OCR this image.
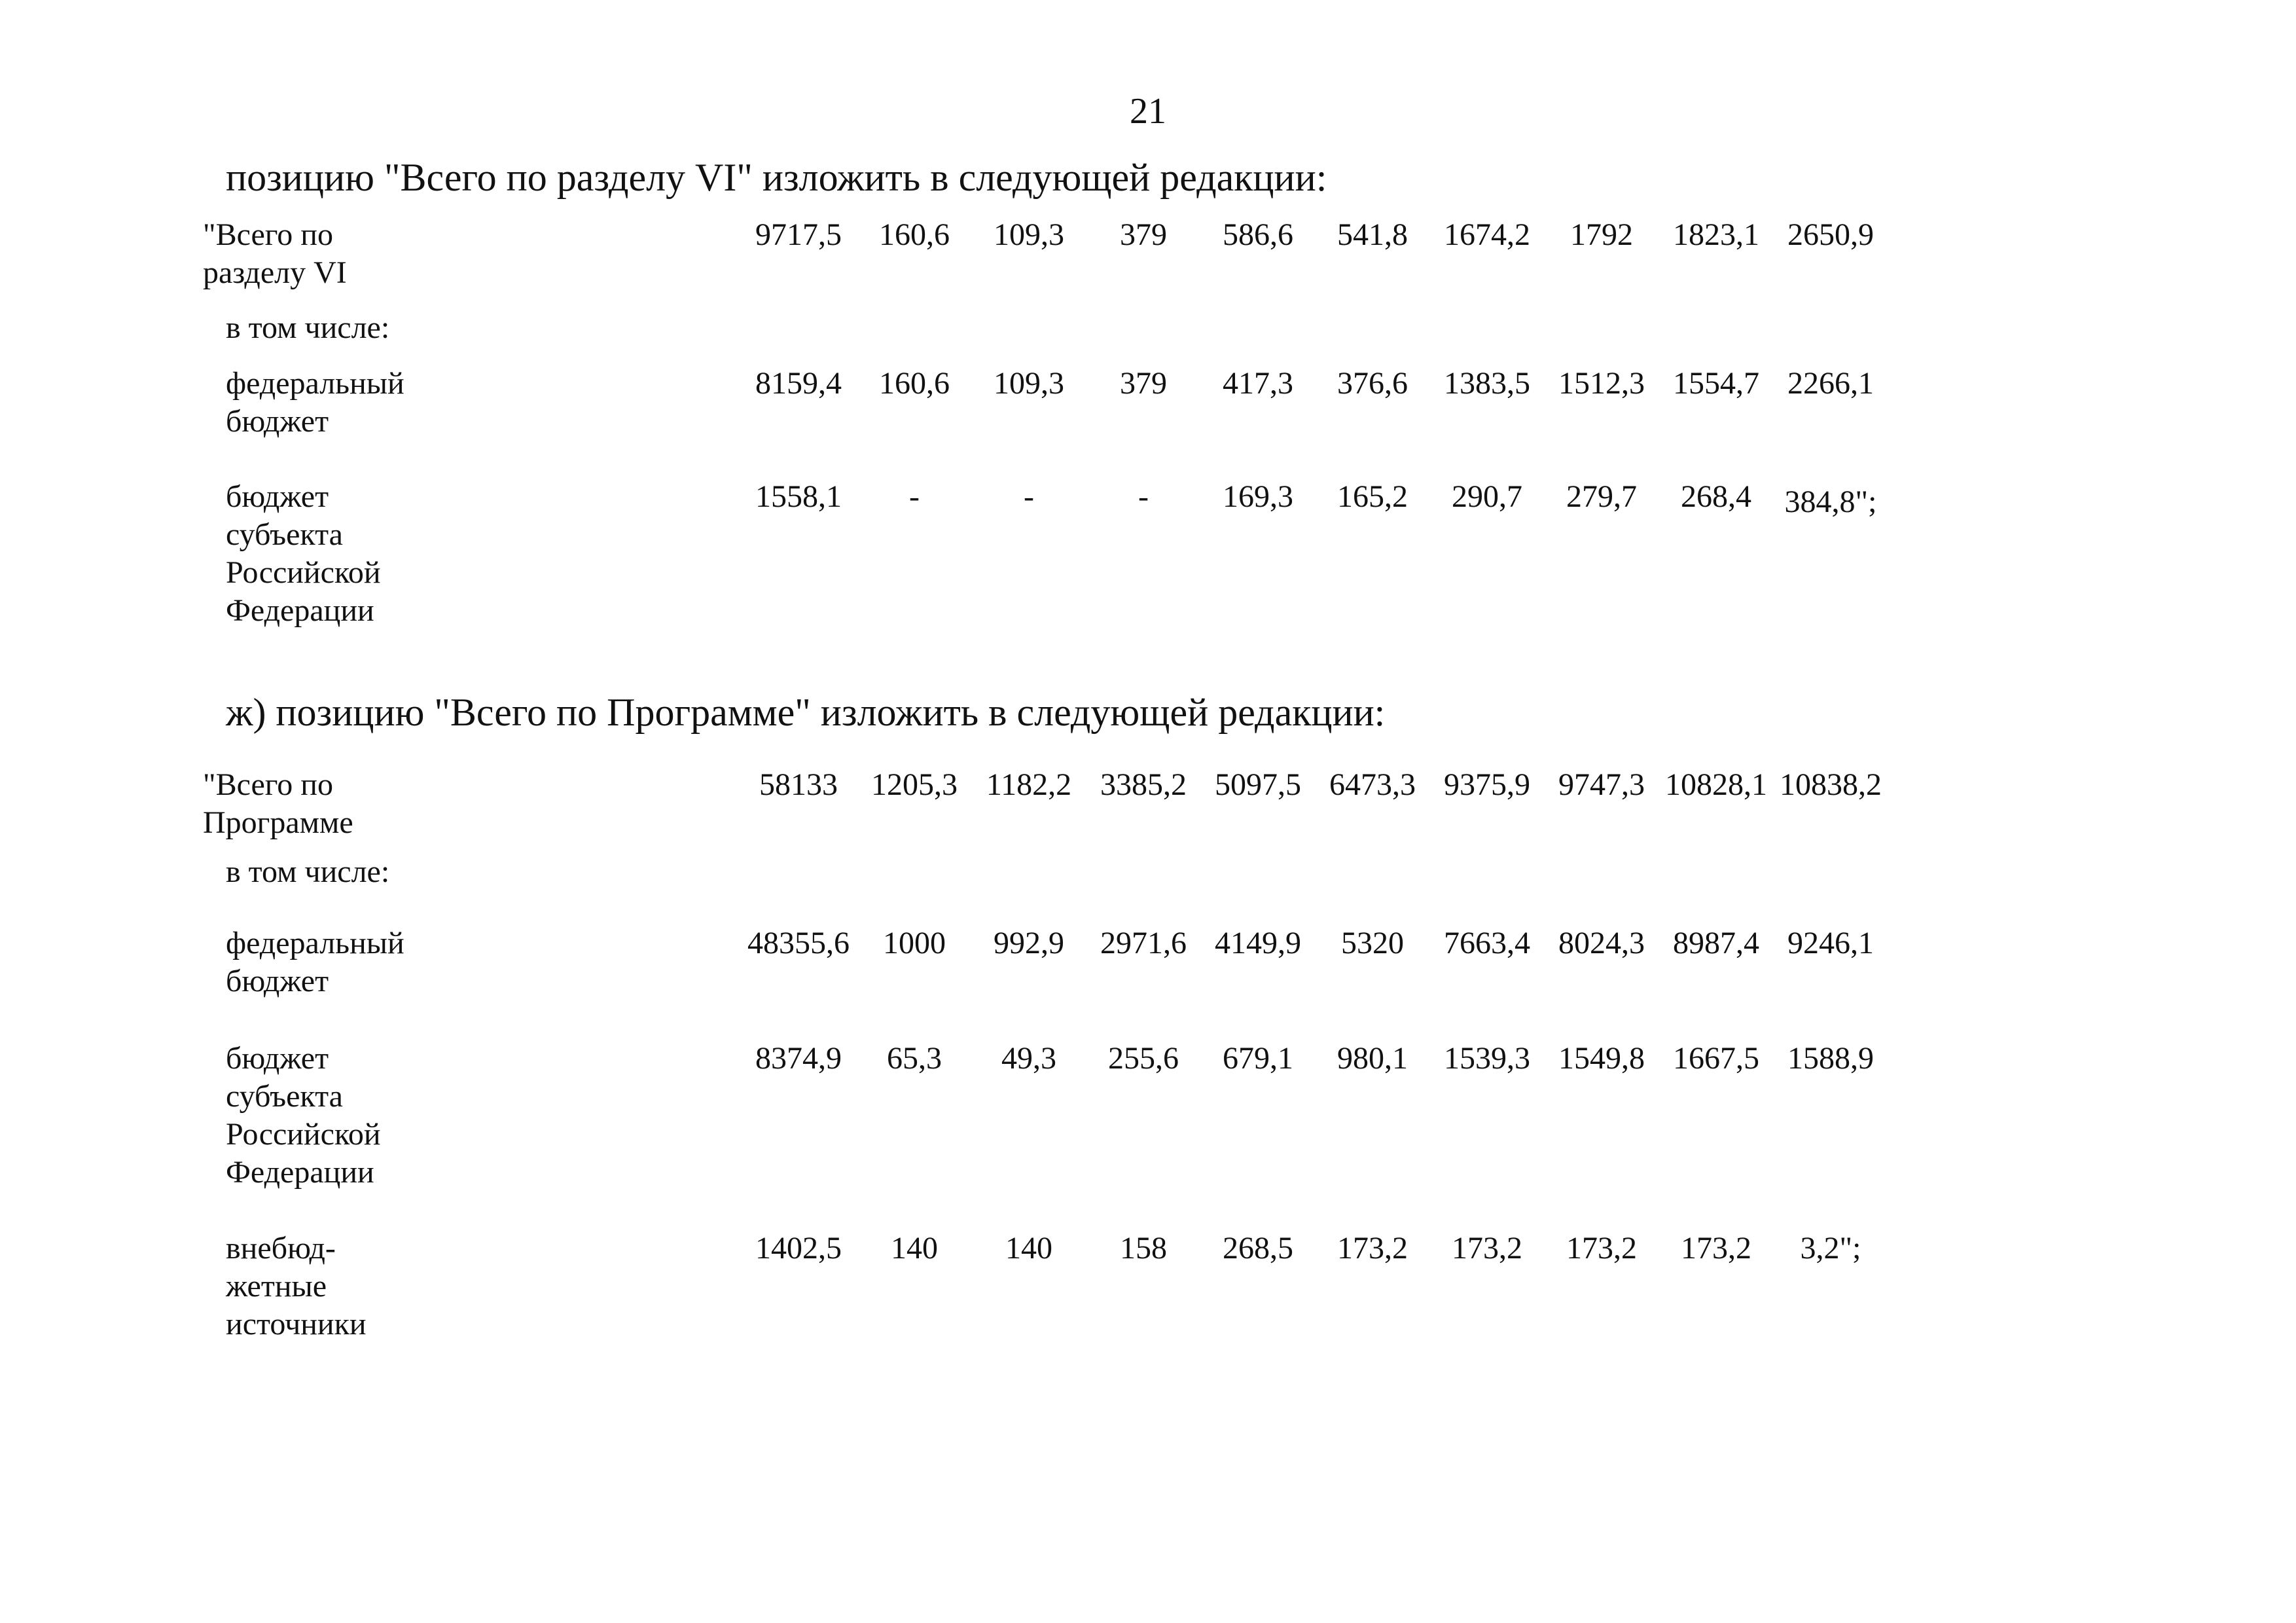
21
позицию "Всего по разделу VI" изложить в следующей редакции:
"Всего по
разделу VI
9717,5	160,6	109,3	379	586,6	541,8	1674,2	1792	1823,1 2650,9
в том числе:
федеральный
бюджет
8159,4	160,6	109,3	379	417,3	376,6	1383,5 1512,3 1554,7 2266,1
бюджет
субъекта
Российской
Федерации
1558,1	-	-	-	169,3	165,2	290,7	279,7	268,4	384,8";
ж) позицию "Всего по Программе" изложить в следующей редакции:
"Всего по
Программе
58133	1205,3 1182,2 3385,2 5097,5 6473,3 9375,9 9747,3 10828,1 10838,2
в том числе:
федеральный
бюджет
48355,6	1000	992,9	2971,6 4149,9	5320	7663,4 8024,3 8987,4 9246,1
бюджет
субъекта
Российской
Федерации
8374,9	65,3	49,3	255,6	679,1	980,1	1539,3 1549,8 1667,5 1588,9
внебюд-
жетные
источники
1402,5	140	140	158	268,5	173,2	173,2	173,2	173,2	3,2";
